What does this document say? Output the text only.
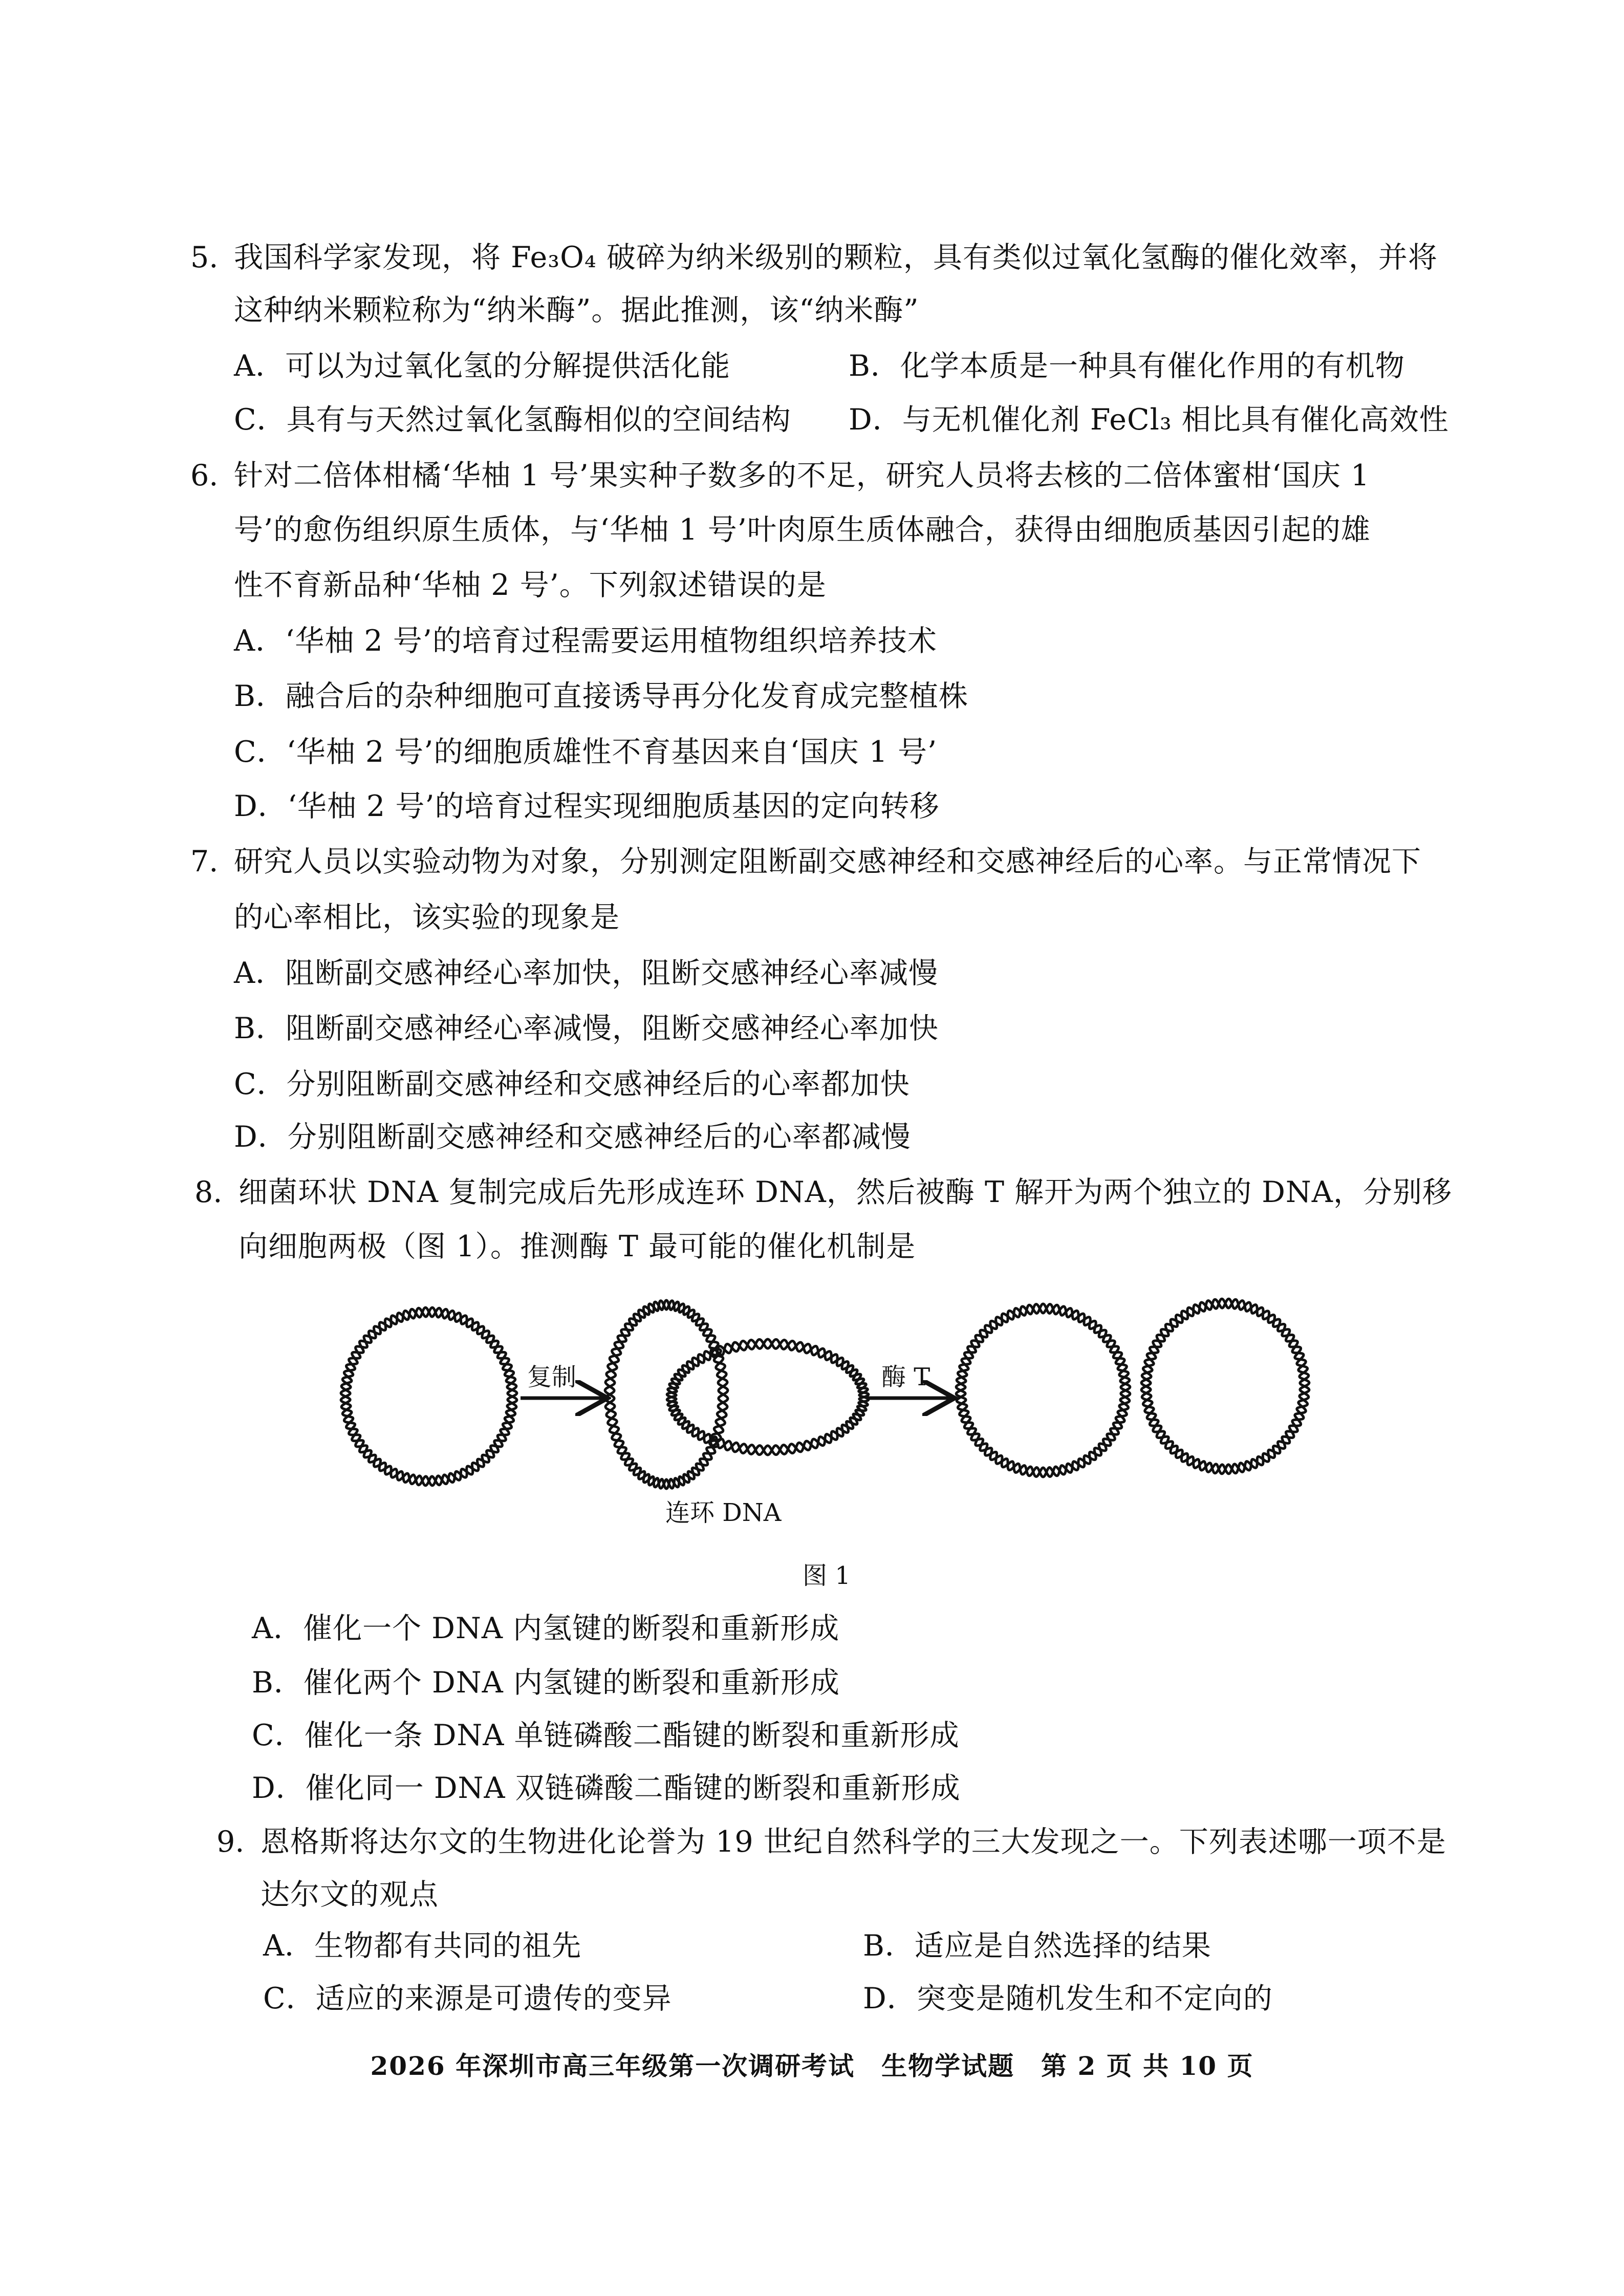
5. 我国科学家发现，将 Fe₃O₄ 破碎为纳米级别的颗粒，具有类似过氧化氢酶的催化效率，并将
这种纳米颗粒称为“纳米酶”。据此推测，该“纳米酶”
A．可以为过氧化氢的分解提供活化能	B．化学本质是一种具有催化作用的有机物
C．具有与天然过氧化氢酶相似的空间结构 D．与无机催化剂 FeCl₃ 相比具有催化高效性
6. 针对二倍体柑橘‘华柚 1 号’果实种子数多的不足，研究人员将去核的二倍体蜜柑‘国庆 1
号’的愈伤组织原生质体，与‘华柚 1 号’叶肉原生质体融合，获得由细胞质基因引起的雄
性不育新品种‘华柚 2 号’。下列叙述错误的是
A．‘华柚 2 号’的培育过程需要运用植物组织培养技术
B．融合后的杂种细胞可直接诱导再分化发育成完整植株
C．‘华柚 2 号’的细胞质雄性不育基因来自‘国庆 1 号’
D．‘华柚 2 号’的培育过程实现细胞质基因的定向转移
7. 研究人员以实验动物为对象，分别测定阻断副交感神经和交感神经后的心率。与正常情况下
的心率相比，该实验的现象是
A．阻断副交感神经心率加快，阻断交感神经心率减慢
B．阻断副交感神经心率减慢，阻断交感神经心率加快
C．分别阻断副交感神经和交感神经后的心率都加快
D．分别阻断副交感神经和交感神经后的心率都减慢
8. 细菌环状 DNA 复制完成后先形成连环 DNA，然后被酶 T 解开为两个独立的 DNA，分别移
向细胞两极（图 1）。推测酶 T 最可能的催化机制是
复制	酶 T
连环 DNA
图 1
A．催化一个 DNA 内氢键的断裂和重新形成
B．催化两个 DNA 内氢键的断裂和重新形成
C．催化一条 DNA 单链磷酸二酯键的断裂和重新形成
D．催化同一 DNA 双链磷酸二酯键的断裂和重新形成
9. 恩格斯将达尔文的生物进化论誉为 19 世纪自然科学的三大发现之一。下列表述哪一项不是
达尔文的观点
A．生物都有共同的祖先	B．适应是自然选择的结果
C．适应的来源是可遗传的变异	D．突变是随机发生和不定向的
2026 年深圳市高三年级第一次调研考试　生物学试题　第 2 页 共 10 页
